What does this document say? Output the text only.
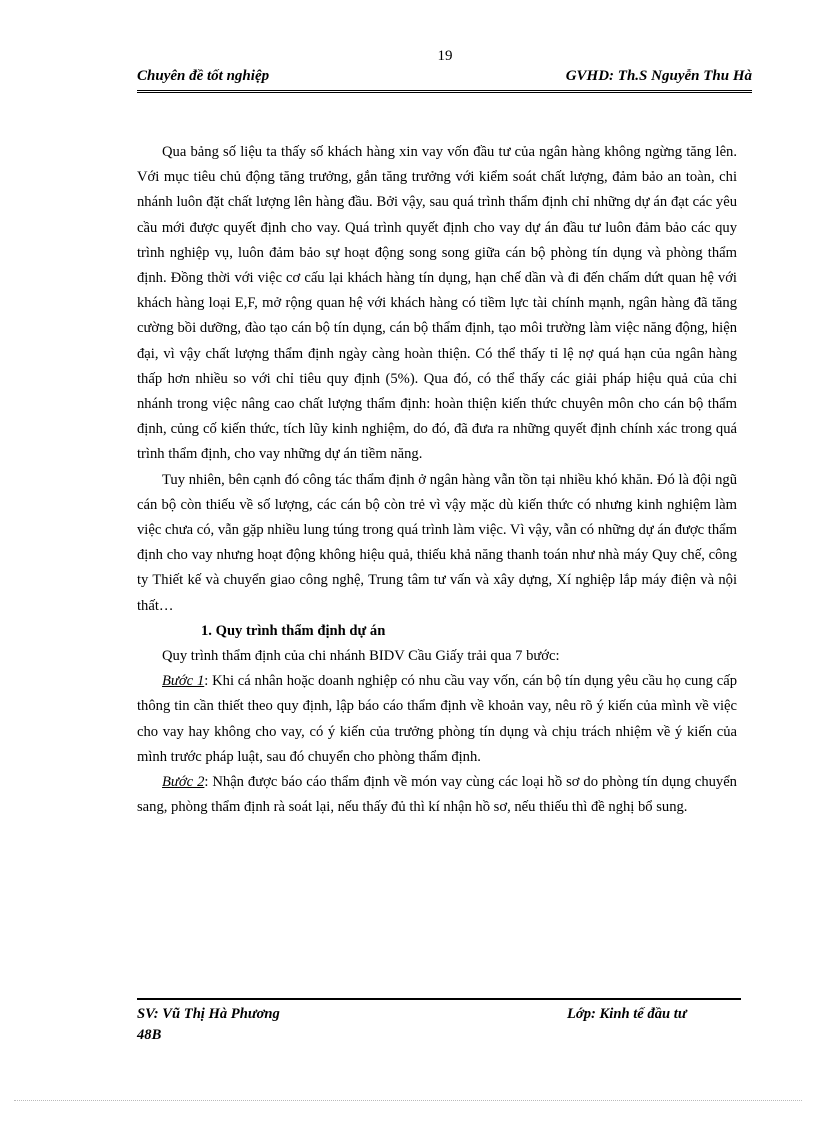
19
Chuyên đề tốt nghiệp	GVHD: Th.S Nguyễn Thu Hà

Qua bảng số liệu ta thấy số khách hàng xin vay vốn đầu tư của ngân hàng không ngừng tăng lên. Với mục tiêu chủ động tăng trưởng, gắn tăng trưởng với kiểm soát chất lượng, đảm bảo an toàn, chi nhánh luôn đặt chất lượng lên hàng đầu. Bởi vậy, sau quá trình thẩm định chỉ những dự án đạt các yêu cầu mới được quyết định cho vay. Quá trình quyết định cho vay dự án đầu tư luôn đảm bảo các quy trình nghiệp vụ, luôn đảm bảo sự hoạt động song song giữa cán bộ phòng tín dụng và phòng thẩm định. Đồng thời với việc cơ cấu lại khách hàng tín dụng, hạn chế dần và đi đến chấm dứt quan hệ với khách hàng loại E,F, mở rộng quan hệ với khách hàng có tiềm lực tài chính mạnh, ngân hàng đã tăng cường bồi dưỡng, đào tạo cán bộ tín dụng, cán bộ thẩm định, tạo môi trường làm việc năng động, hiện đại, vì vậy chất lượng thẩm định ngày càng hoàn thiện. Có thể thấy tỉ lệ nợ quá hạn của ngân hàng thấp hơn nhiều so với chỉ tiêu quy định (5%). Qua đó, có thể thấy các giải pháp hiệu quả của chi nhánh trong việc nâng cao chất lượng thẩm định: hoàn thiện kiến thức chuyên môn cho cán bộ thẩm định, củng cố kiến thức, tích lũy kinh nghiệm, do đó, đã đưa ra những quyết định chính xác trong quá trình thẩm định, cho vay những dự án tiềm năng.

Tuy nhiên, bên cạnh đó công tác thẩm định ở ngân hàng vẫn tồn tại nhiều khó khăn. Đó là đội ngũ cán bộ còn thiếu về số lượng, các cán bộ còn trẻ vì vậy mặc dù kiến thức có nhưng kinh nghiệm làm việc chưa có, vẫn gặp nhiều lung túng trong quá trình làm việc. Vì vậy, vẫn có những dự án được thẩm định cho vay nhưng hoạt động không hiệu quả, thiếu khả năng thanh toán như nhà máy Quy chế, công ty Thiết kế và chuyển giao công nghệ, Trung tâm tư vấn và xây dựng, Xí nghiệp lắp máy điện và nội thất…

1. Quy trình thẩm định dự án

Quy trình thẩm định của chi nhánh BIDV Cầu Giấy trải qua 7 bước:

Bước 1: Khi cá nhân hoặc doanh nghiệp có nhu cầu vay vốn, cán bộ tín dụng yêu cầu họ cung cấp thông tin cần thiết theo quy định, lập báo cáo thẩm định về khoản vay, nêu rõ ý kiến của mình về việc cho vay hay không cho vay, có ý kiến của trưởng phòng tín dụng và chịu trách nhiệm về ý kiến của mình trước pháp luật, sau đó chuyển cho phòng thẩm định.

Bước 2: Nhận được báo cáo thẩm định về món vay cùng các loại hồ sơ do phòng tín dụng chuyển sang, phòng thẩm định rà soát lại, nếu thấy đủ thì kí nhận hồ sơ, nếu thiếu thì đề nghị bổ sung.

SV: Vũ Thị Hà Phương
48B
Lớp: Kinh tế đầu tư
